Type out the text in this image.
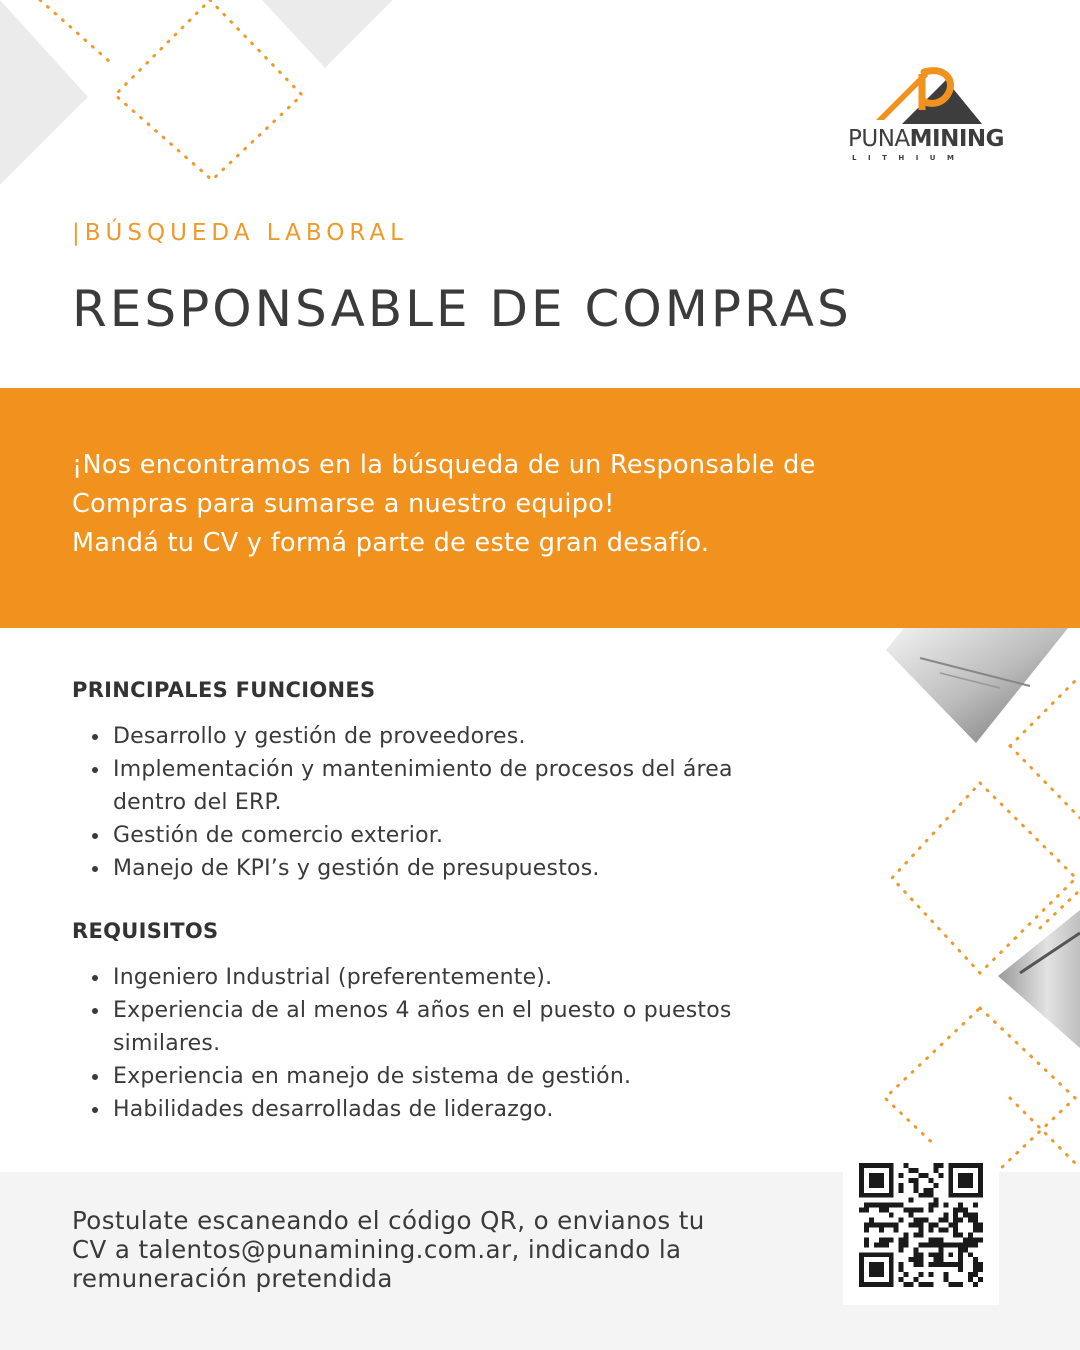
PUNAMINING
LITHIUM
|BÚSQUEDA LABORAL
RESPONSABLE DE COMPRAS
¡Nos encontramos en la búsqueda de un Responsable de
Compras para sumarse a nuestro equipo!
Mandá tu CV y formá parte de este gran desafío.
PRINCIPALES FUNCIONES
Desarrollo y gestión de proveedores.
Implementación y mantenimiento de procesos del área dentro del ERP.
Gestión de comercio exterior.
Manejo de KPI’s y gestión de presupuestos.
REQUISITOS
Ingeniero Industrial (preferentemente).
Experiencia de al menos 4 años en el puesto o puestos similares.
Experiencia en manejo de sistema de gestión.
Habilidades desarrolladas de liderazgo.
Postulate escaneando el código QR, o envianos tu
CV a talentos@punamining.com.ar, indicando la
remuneración pretendida
